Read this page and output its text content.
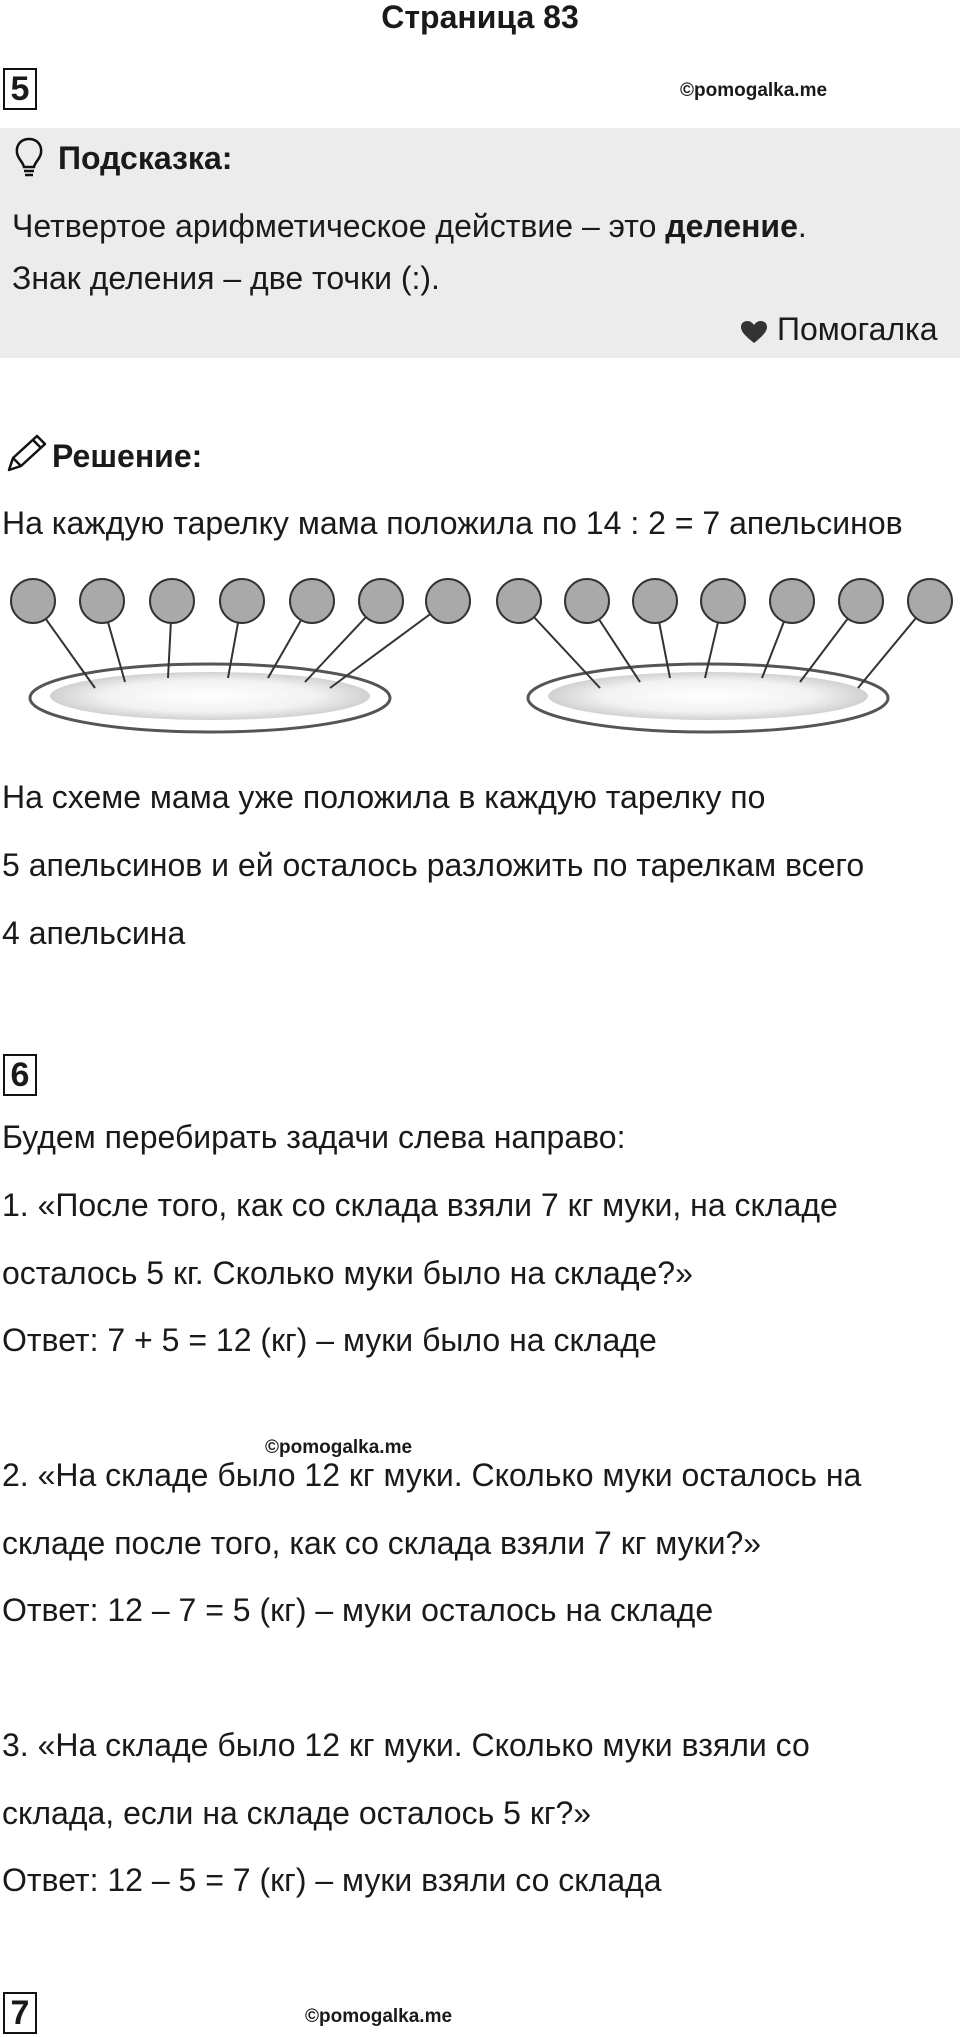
Страница 83
5	©pomogalka.me
Подсказка:
Четвертое арифметическое действие – это деление.
Знак деления – две точки (:).
Помогалка
Решение:
На каждую тарелку мама положила по 14 : 2 = 7 апельсинов
На схеме мама уже положила в каждую тарелку по
5 апельсинов и ей осталось разложить по тарелкам всего
4 апельсина
6
Будем перебирать задачи слева направо:
1. «После того, как со склада взяли 7 кг муки, на складе
осталось 5 кг. Сколько муки было на складе?»
Ответ: 7 + 5 = 12 (кг) – муки было на складе
©pomogalka.me
2. «На складе было 12 кг муки. Сколько муки осталось на
складе после того, как со склада взяли 7 кг муки?»
Ответ: 12 – 7 = 5 (кг) – муки осталось на складе
3. «На складе было 12 кг муки. Сколько муки взяли со
склада, если на складе осталось 5 кг?»
Ответ: 12 – 5 = 7 (кг) – муки взяли со склада
7	©pomogalka.me
